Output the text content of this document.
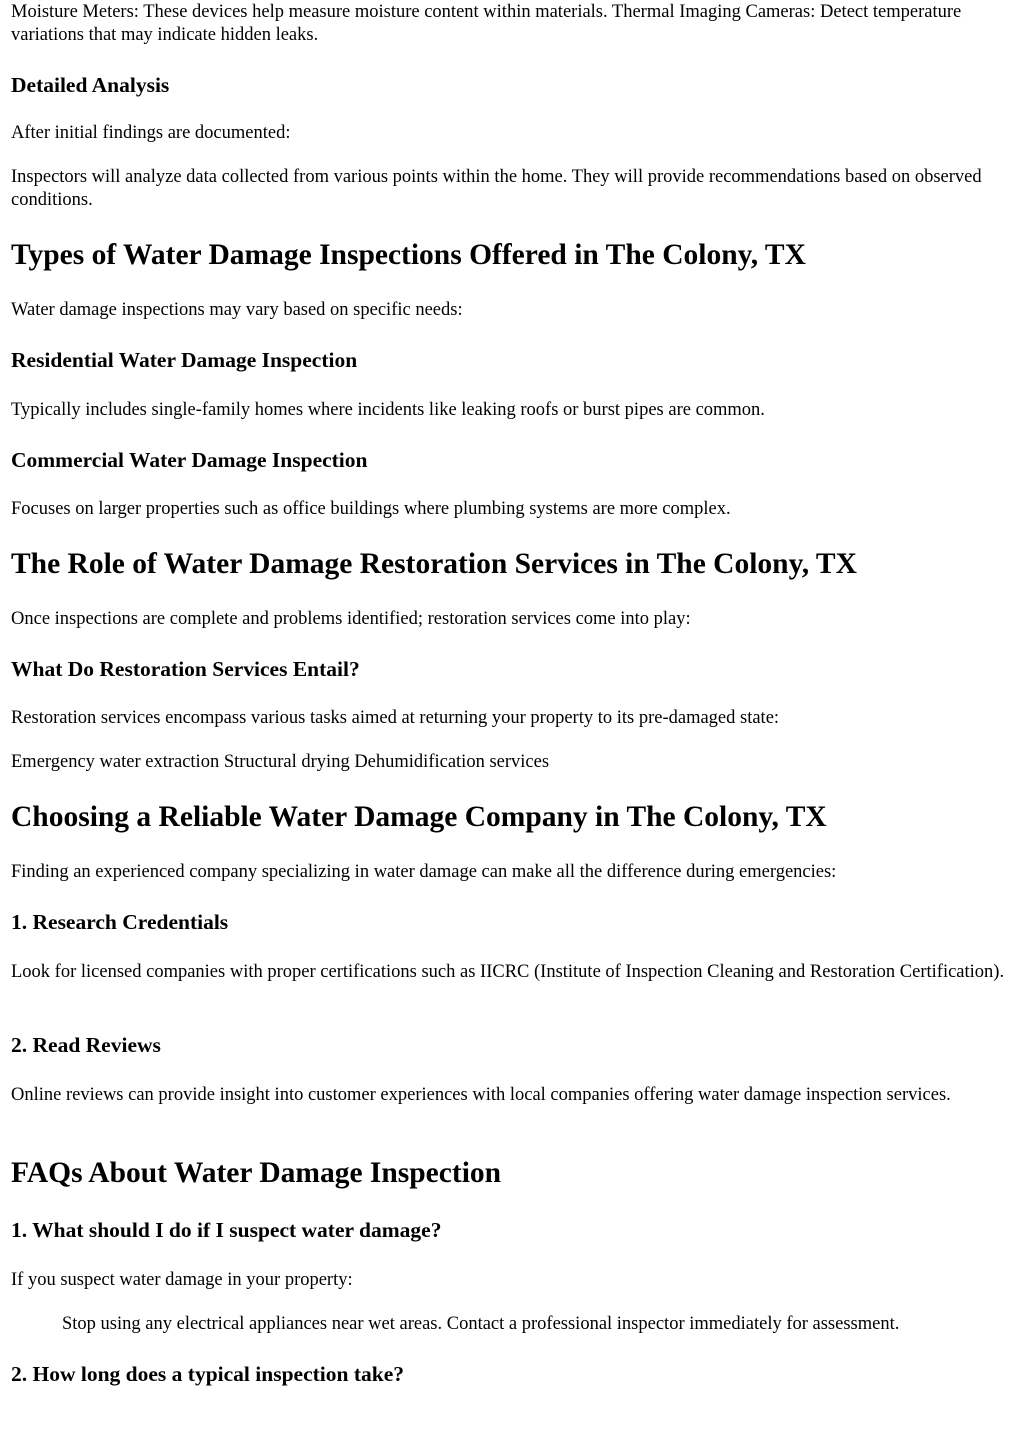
Moisture Meters: These devices help measure moisture content within materials. Thermal Imaging Cameras: Detect temperature variations that may indicate hidden leaks.

Detailed Analysis

After initial findings are documented:

Inspectors will analyze data collected from various points within the home. They will provide recommendations based on observed conditions.

Types of Water Damage Inspections Offered in The Colony, TX

Water damage inspections may vary based on specific needs:

Residential Water Damage Inspection

Typically includes single-family homes where incidents like leaking roofs or burst pipes are common.

Commercial Water Damage Inspection

Focuses on larger properties such as office buildings where plumbing systems are more complex.

The Role of Water Damage Restoration Services in The Colony, TX

Once inspections are complete and problems identified; restoration services come into play:

What Do Restoration Services Entail?

Restoration services encompass various tasks aimed at returning your property to its pre-damaged state:

Emergency water extraction Structural drying Dehumidification services

Choosing a Reliable Water Damage Company in The Colony, TX

Finding an experienced company specializing in water damage can make all the difference during emergencies:

1. Research Credentials

Look for licensed companies with proper certifications such as IICRC (Institute of Inspection Cleaning and Restoration Certification).

2. Read Reviews

Online reviews can provide insight into customer experiences with local companies offering water damage inspection services.

FAQs About Water Damage Inspection
1. What should I do if I suspect water damage?

If you suspect water damage in your property:

Stop using any electrical appliances near wet areas. Contact a professional inspector immediately for assessment.

2. How long does a typical inspection take?
